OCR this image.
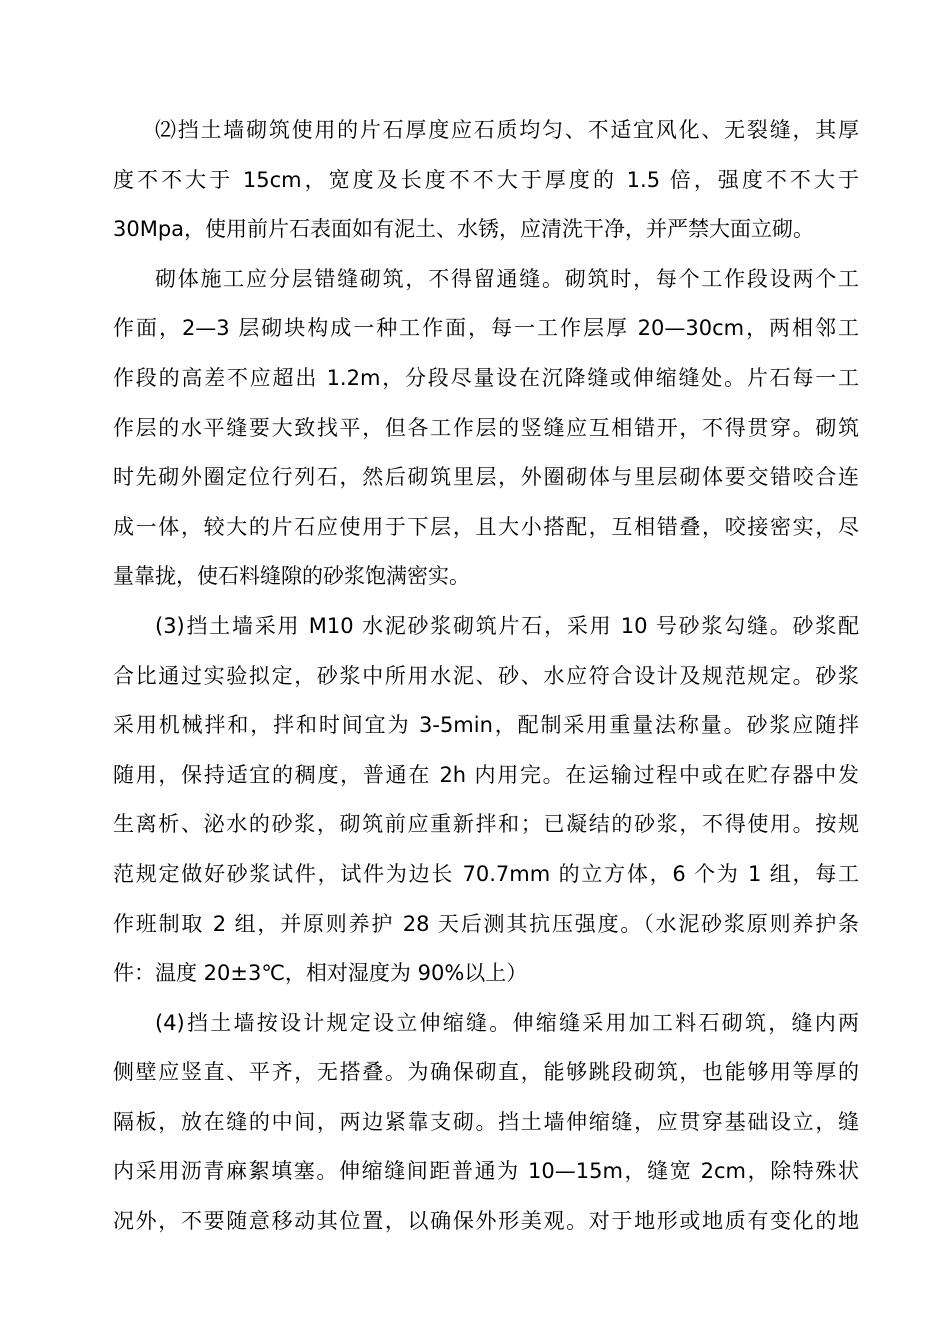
⑵挡土墙砌筑使用的片石厚度应石质均匀、不适宜风化、无裂缝，其厚
度不不大于 15cm，宽度及长度不不大于厚度的 1.5 倍，强度不不大于
30Mpa，使用前片石表面如有泥土、水锈，应清洗干净，并严禁大面立砌。
砌体施工应分层错缝砌筑，不得留通缝。砌筑时，每个工作段设两个工
作面，2—3 层砌块构成一种工作面，每一工作层厚 20—30cm，两相邻工
作段的高差不应超出 1.2m，分段尽量设在沉降缝或伸缩缝处。片石每一工
作层的水平缝要大致找平，但各工作层的竖缝应互相错开，不得贯穿。砌筑
时先砌外圈定位行列石，然后砌筑里层，外圈砌体与里层砌体要交错咬合连
成一体，较大的片石应使用于下层，且大小搭配，互相错叠，咬接密实，尽
量靠拢，使石料缝隙的砂浆饱满密实。
(3)挡土墙采用 M10 水泥砂浆砌筑片石，采用 10 号砂浆勾缝。砂浆配
合比通过实验拟定，砂浆中所用水泥、砂、水应符合设计及规范规定。砂浆
采用机械拌和，拌和时间宜为 3-5min，配制采用重量法称量。砂浆应随拌
随用，保持适宜的稠度，普通在 2h 内用完。在运输过程中或在贮存器中发
生离析、泌水的砂浆，砌筑前应重新拌和；已凝结的砂浆，不得使用。按规
范规定做好砂浆试件，试件为边长 70.7mm 的立方体，6 个为 1 组，每工
作班制取 2 组，并原则养护 28 天后测其抗压强度。（水泥砂浆原则养护条
件：温度 20±3℃，相对湿度为 90%以上）
(4)挡土墙按设计规定设立伸缩缝。伸缩缝采用加工料石砌筑，缝内两
侧壁应竖直、平齐，无搭叠。为确保砌直，能够跳段砌筑，也能够用等厚的
隔板，放在缝的中间，两边紧靠支砌。挡土墙伸缩缝，应贯穿基础设立，缝
内采用沥青麻絮填塞。伸缩缝间距普通为 10—15m，缝宽 2cm，除特殊状
况外，不要随意移动其位置，以确保外形美观。对于地形或地质有变化的地
